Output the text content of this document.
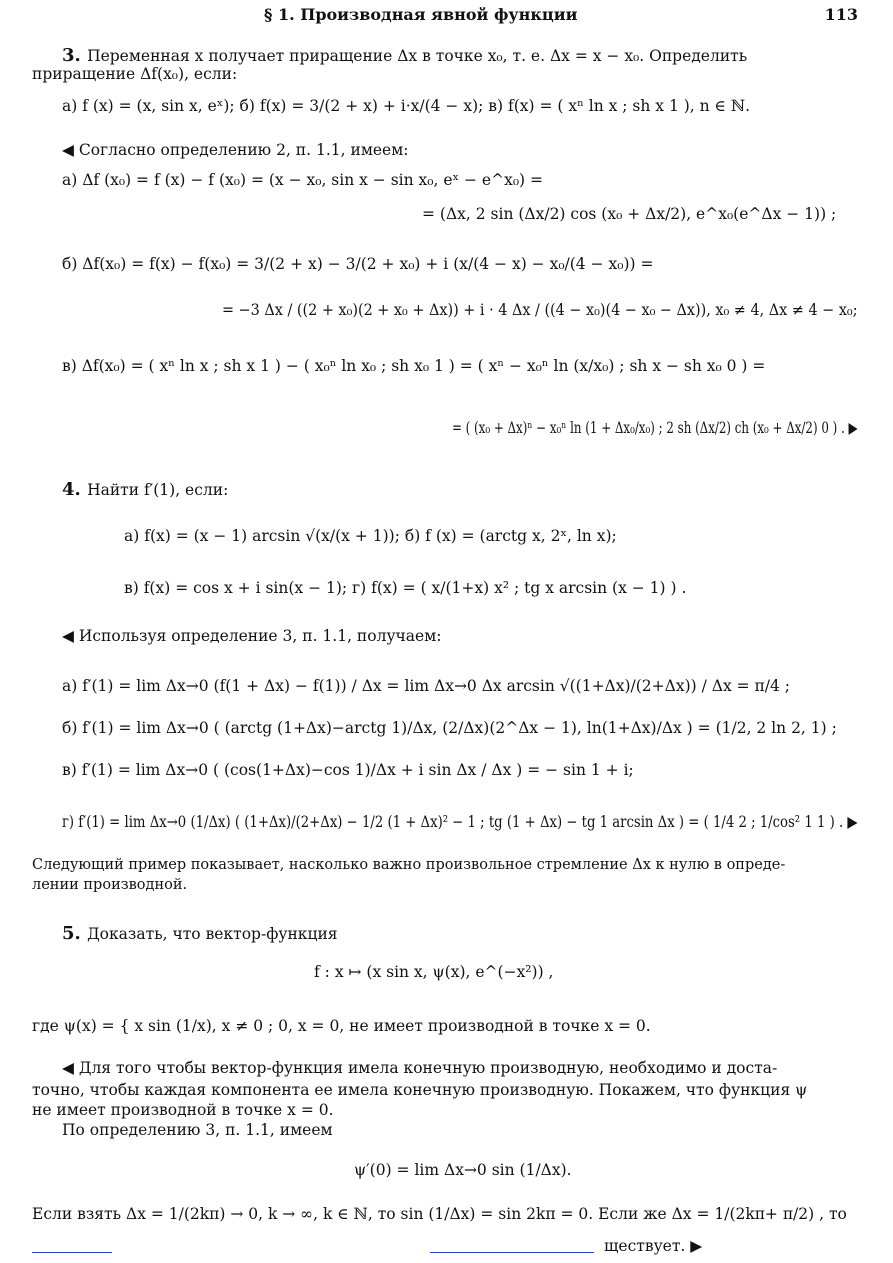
§ 1. Производная явной функции	113
3. Переменная x получает приращение Δx в точке x₀, т. е. Δx = x − x₀. Определить
приращение Δf(x₀), если:
а) f (x) = (x, sin x, eˣ); б) f(x) = 3/(2 + x) + i·x/(4 − x); в) f(x) = ( xⁿ ln x ; sh x 1 ), n ∈ ℕ.
◀ Согласно определению 2, п. 1.1, имеем:
а) Δf (x₀) = f (x) − f (x₀) = (x − x₀, sin x − sin x₀, eˣ − e^x₀) =
= (Δx, 2 sin (Δx/2) cos (x₀ + Δx/2), e^x₀(e^Δx − 1)) ;
б) Δf(x₀) = f(x) − f(x₀) = 3/(2 + x) − 3/(2 + x₀) + i (x/(4 − x) − x₀/(4 − x₀)) =
= −3 Δx / ((2 + x₀)(2 + x₀ + Δx)) + i · 4 Δx / ((4 − x₀)(4 − x₀ − Δx)), x₀ ≠ 4, Δx ≠ 4 − x₀;
в) Δf(x₀) = ( xⁿ ln x ; sh x 1 ) − ( x₀ⁿ ln x₀ ; sh x₀ 1 ) = ( xⁿ − x₀ⁿ ln (x/x₀) ; sh x − sh x₀ 0 ) =
= ( (x₀ + Δx)ⁿ − x₀ⁿ ln (1 + Δx₀/x₀) ; 2 sh (Δx/2) ch (x₀ + Δx/2) 0 ) . ▶
4. Найти f′(1), если:
а) f(x) = (x − 1) arcsin √(x/(x + 1)); б) f (x) = (arctg x, 2ˣ, ln x);
в) f(x) = cos x + i sin(x − 1); г) f(x) = ( x/(1+x) x² ; tg x arcsin (x − 1) ) .
◀ Используя определение 3, п. 1.1, получаем:
а) f′(1) = lim Δx→0 (f(1 + Δx) − f(1)) / Δx = lim Δx→0 Δx arcsin √((1+Δx)/(2+Δx)) / Δx = π/4 ;
б) f′(1) = lim Δx→0 ( (arctg (1+Δx)−arctg 1)/Δx, (2/Δx)(2^Δx − 1), ln(1+Δx)/Δx ) = (1/2, 2 ln 2, 1) ;
в) f′(1) = lim Δx→0 ( (cos(1+Δx)−cos 1)/Δx + i sin Δx / Δx ) = − sin 1 + i;
г) f′(1) = lim Δx→0 (1/Δx) ( (1+Δx)/(2+Δx) − 1/2 (1 + Δx)² − 1 ; tg (1 + Δx) − tg 1 arcsin Δx ) = ( 1/4 2 ; 1/cos² 1 1 ) . ▶
Следующий пример показывает, насколько важно произвольное стремление Δx к нулю в опреде-
лении производной.
5. Доказать, что вектор-функция
f : x ↦ (x sin x, ψ(x), e^(−x²)) ,
где ψ(x) = { x sin (1/x), x ≠ 0 ; 0, x = 0, не имеет производной в точке x = 0.
◀ Для того чтобы вектор-функция имела конечную производную, необходимо и доста-
точно, чтобы каждая компонента ее имела конечную производную. Покажем, что функция ψ
не имеет производной в точке x = 0.
По определению 3, п. 1.1, имеем
ψ′(0) = lim Δx→0 sin (1/Δx).
Если взять Δx = 1/(2kπ) → 0, k → ∞, k ∈ ℕ, то sin (1/Δx) = sin 2kπ = 0. Если же Δx = 1/(2kπ+ π/2) , то
ществует. ▶
